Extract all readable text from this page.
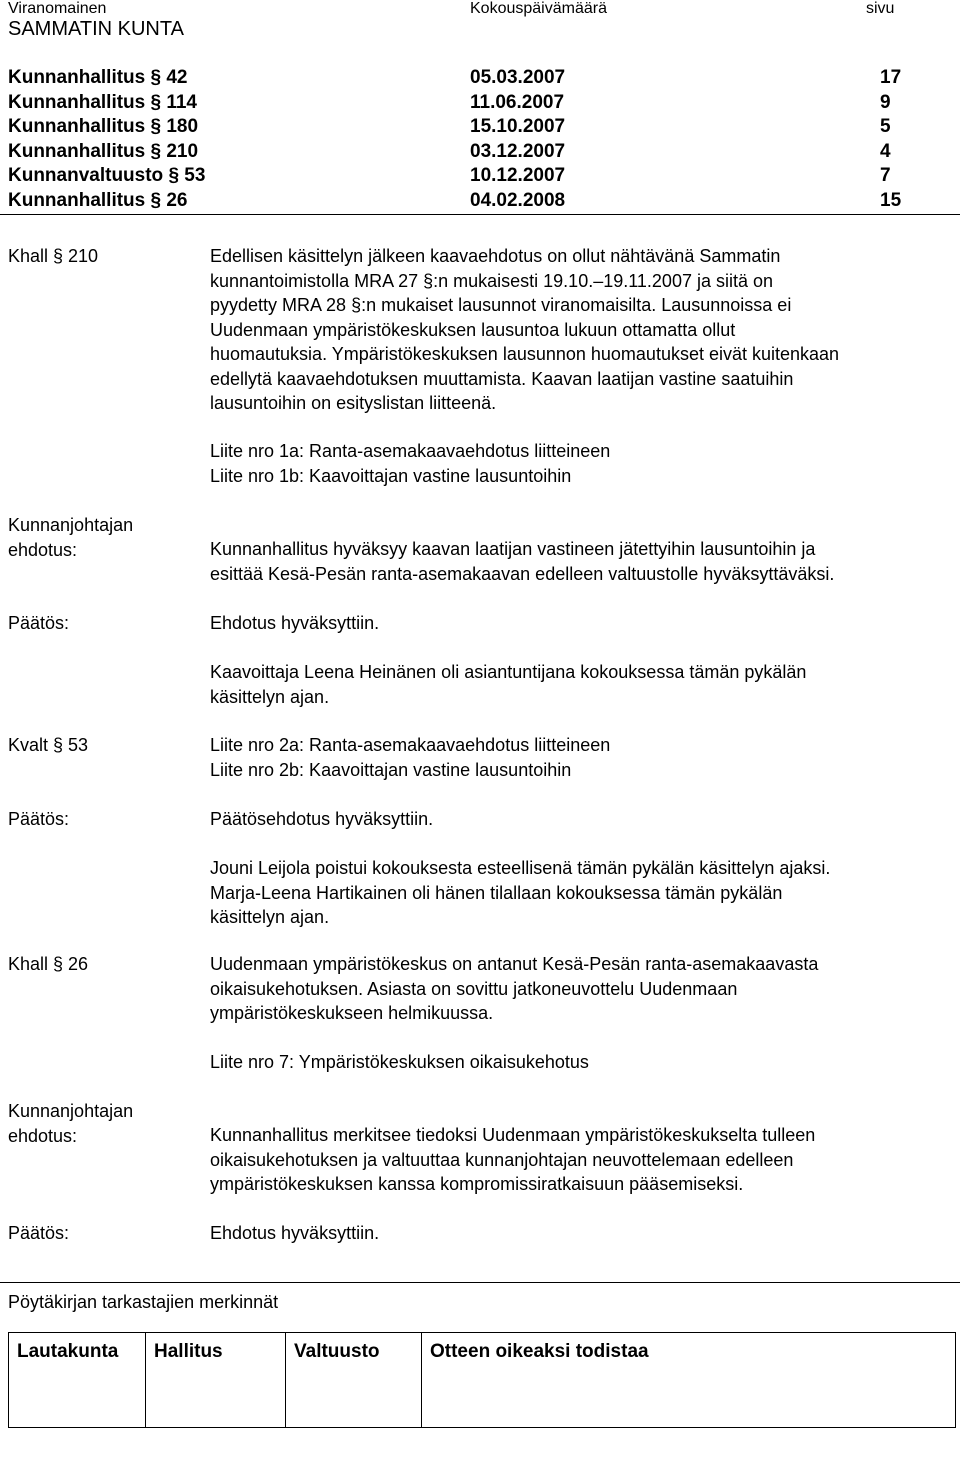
Viranomainen	Kokouspäivämäärä	sivu
SAMMATIN KUNTA
Kunnanhallitus § 42	05.03.2007	17
Kunnanhallitus § 114	11.06.2007	9
Kunnanhallitus § 180	15.10.2007	5
Kunnanhallitus § 210	03.12.2007	4
Kunnanvaltuusto § 53	10.12.2007	7
Kunnanhallitus § 26	04.02.2008	15
Khall § 210	Edellisen käsittelyn jälkeen kaavaehdotus on ollut nähtävänä Sammatin
kunnantoimistolla MRA 27 §:n mukaisesti 19.10.–19.11.2007 ja siitä on
pyydetty MRA 28 §:n mukaiset lausunnot viranomaisilta. Lausunnoissa ei
Uudenmaan ympäristökeskuksen lausuntoa lukuun ottamatta ollut
huomautuksia. Ympäristökeskuksen lausunnon huomautukset eivät kuitenkaan
edellytä kaavaehdotuksen muuttamista. Kaavan laatijan vastine saatuihin
lausuntoihin on esityslistan liitteenä.
Liite nro 1a: Ranta-asemakaavaehdotus liitteineen
Liite nro 1b: Kaavoittajan vastine lausuntoihin
Kunnanjohtajan
ehdotus:	Kunnanhallitus hyväksyy kaavan laatijan vastineen jätettyihin lausuntoihin ja
esittää Kesä-Pesän ranta-asemakaavan edelleen valtuustolle hyväksyttäväksi.
Päätös:	Ehdotus hyväksyttiin.
Kaavoittaja Leena Heinänen oli asiantuntijana kokouksessa tämän pykälän
käsittelyn ajan.
Kvalt § 53	Liite nro 2a: Ranta-asemakaavaehdotus liitteineen
Liite nro 2b: Kaavoittajan vastine lausuntoihin
Päätös:	Päätösehdotus hyväksyttiin.
Jouni Leijola poistui kokouksesta esteellisenä tämän pykälän käsittelyn ajaksi.
Marja-Leena Hartikainen oli hänen tilallaan kokouksessa tämän pykälän
käsittelyn ajan.
Khall § 26	Uudenmaan ympäristökeskus on antanut Kesä-Pesän ranta-asemakaavasta
oikaisukehotuksen. Asiasta on sovittu jatkoneuvottelu Uudenmaan
ympäristökeskukseen helmikuussa.
Liite nro 7: Ympäristökeskuksen oikaisukehotus
Kunnanjohtajan
ehdotus:	Kunnanhallitus merkitsee tiedoksi Uudenmaan ympäristökeskukselta tulleen
oikaisukehotuksen ja valtuuttaa kunnanjohtajan neuvottelemaan edelleen
ympäristökeskuksen kanssa kompromissiratkaisuun pääsemiseksi.
Päätös:	Ehdotus hyväksyttiin.
Pöytäkirjan tarkastajien merkinnät
Lautakunta	Hallitus	Valtuusto	Otteen oikeaksi todistaa
